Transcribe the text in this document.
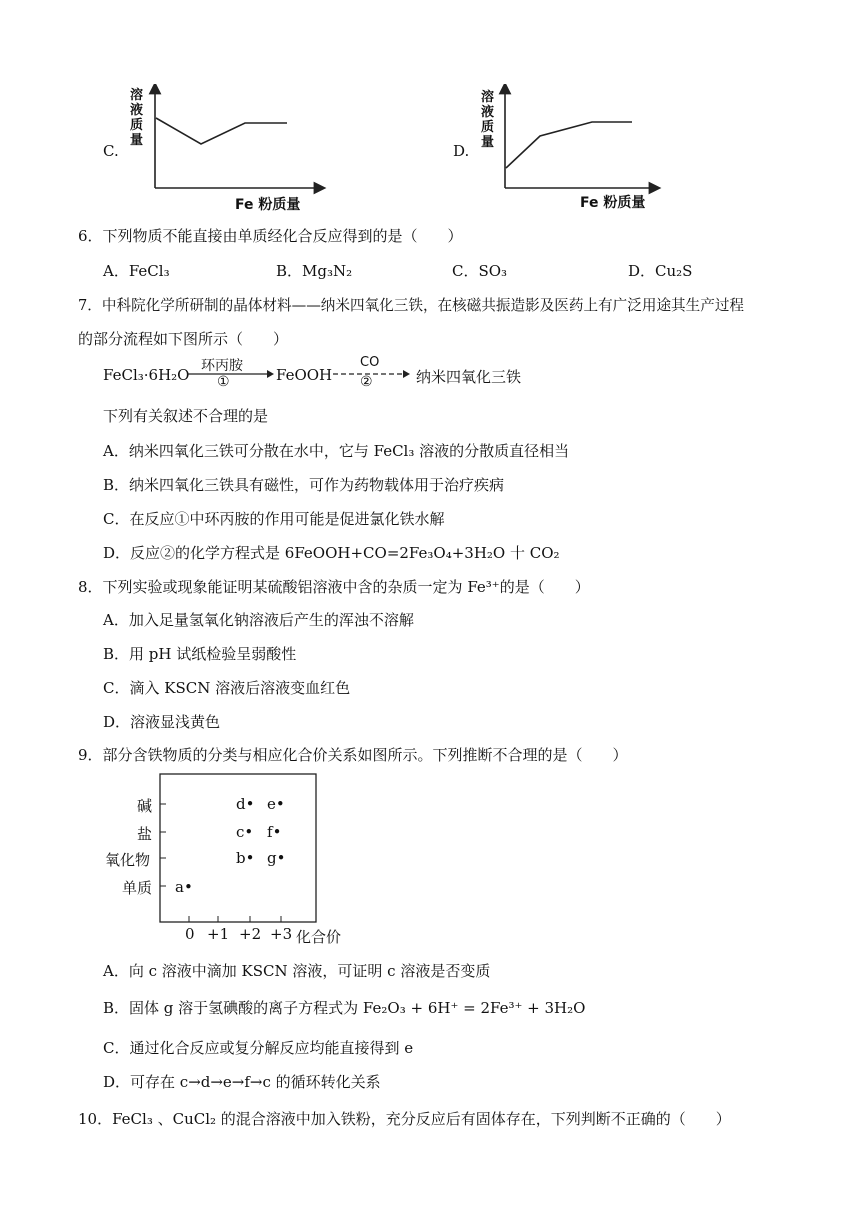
C.
溶
液
质
量
Fe 粉质量
D.
溶
液
质
量
Fe 粉质量
6．下列物质不能直接由单质经化合反应得到的是（　　）
A．FeCl₃	B．Mg₃N₂	C．SO₃	D．Cu₂S
7．中科院化学所研制的晶体材料——纳米四氧化三铁，在核磁共振造影及医药上有广泛用途其生产过程
的部分流程如下图所示（　　）
FeCl₃·6H₂O 环丙胺
①	FeOOH
CO
②	纳米四氧化三铁
下列有关叙述不合理的是
A．纳米四氧化三铁可分散在水中，它与 FeCl₃ 溶液的分散质直径相当
B．纳米四氧化三铁具有磁性，可作为药物载体用于治疗疾病
C．在反应①中环丙胺的作用可能是促进氯化铁水解
D．反应②的化学方程式是 6FeOOH+CO=2Fe₃O₄+3H₂O 十 CO₂
8．下列实验或现象能证明某硫酸铝溶液中含的杂质一定为 Fe³⁺的是（　　）
A．加入足量氢氧化钠溶液后产生的浑浊不溶解
B．用 pH 试纸检验呈弱酸性
C．滴入 KSCN 溶液后溶液变血红色
D．溶液显浅黄色
9．部分含铁物质的分类与相应化合价关系如图所示。下列推断不合理的是（　　）
碱
盐
氧化物
单质 a•
d• e•
c• f•
b• g•
0 +1 +2 +3 化合价
A．向 c 溶液中滴加 KSCN 溶液，可证明 c 溶液是否变质
B．固体 g 溶于氢碘酸的离子方程式为 Fe₂O₃ + 6H⁺ = 2Fe³⁺ + 3H₂O
C．通过化合反应或复分解反应均能直接得到 e
D．可存在 c→d→e→f→c 的循环转化关系
10．FeCl₃ 、CuCl₂ 的混合溶液中加入铁粉，充分反应后有固体存在，下列判断不正确的（　　）
